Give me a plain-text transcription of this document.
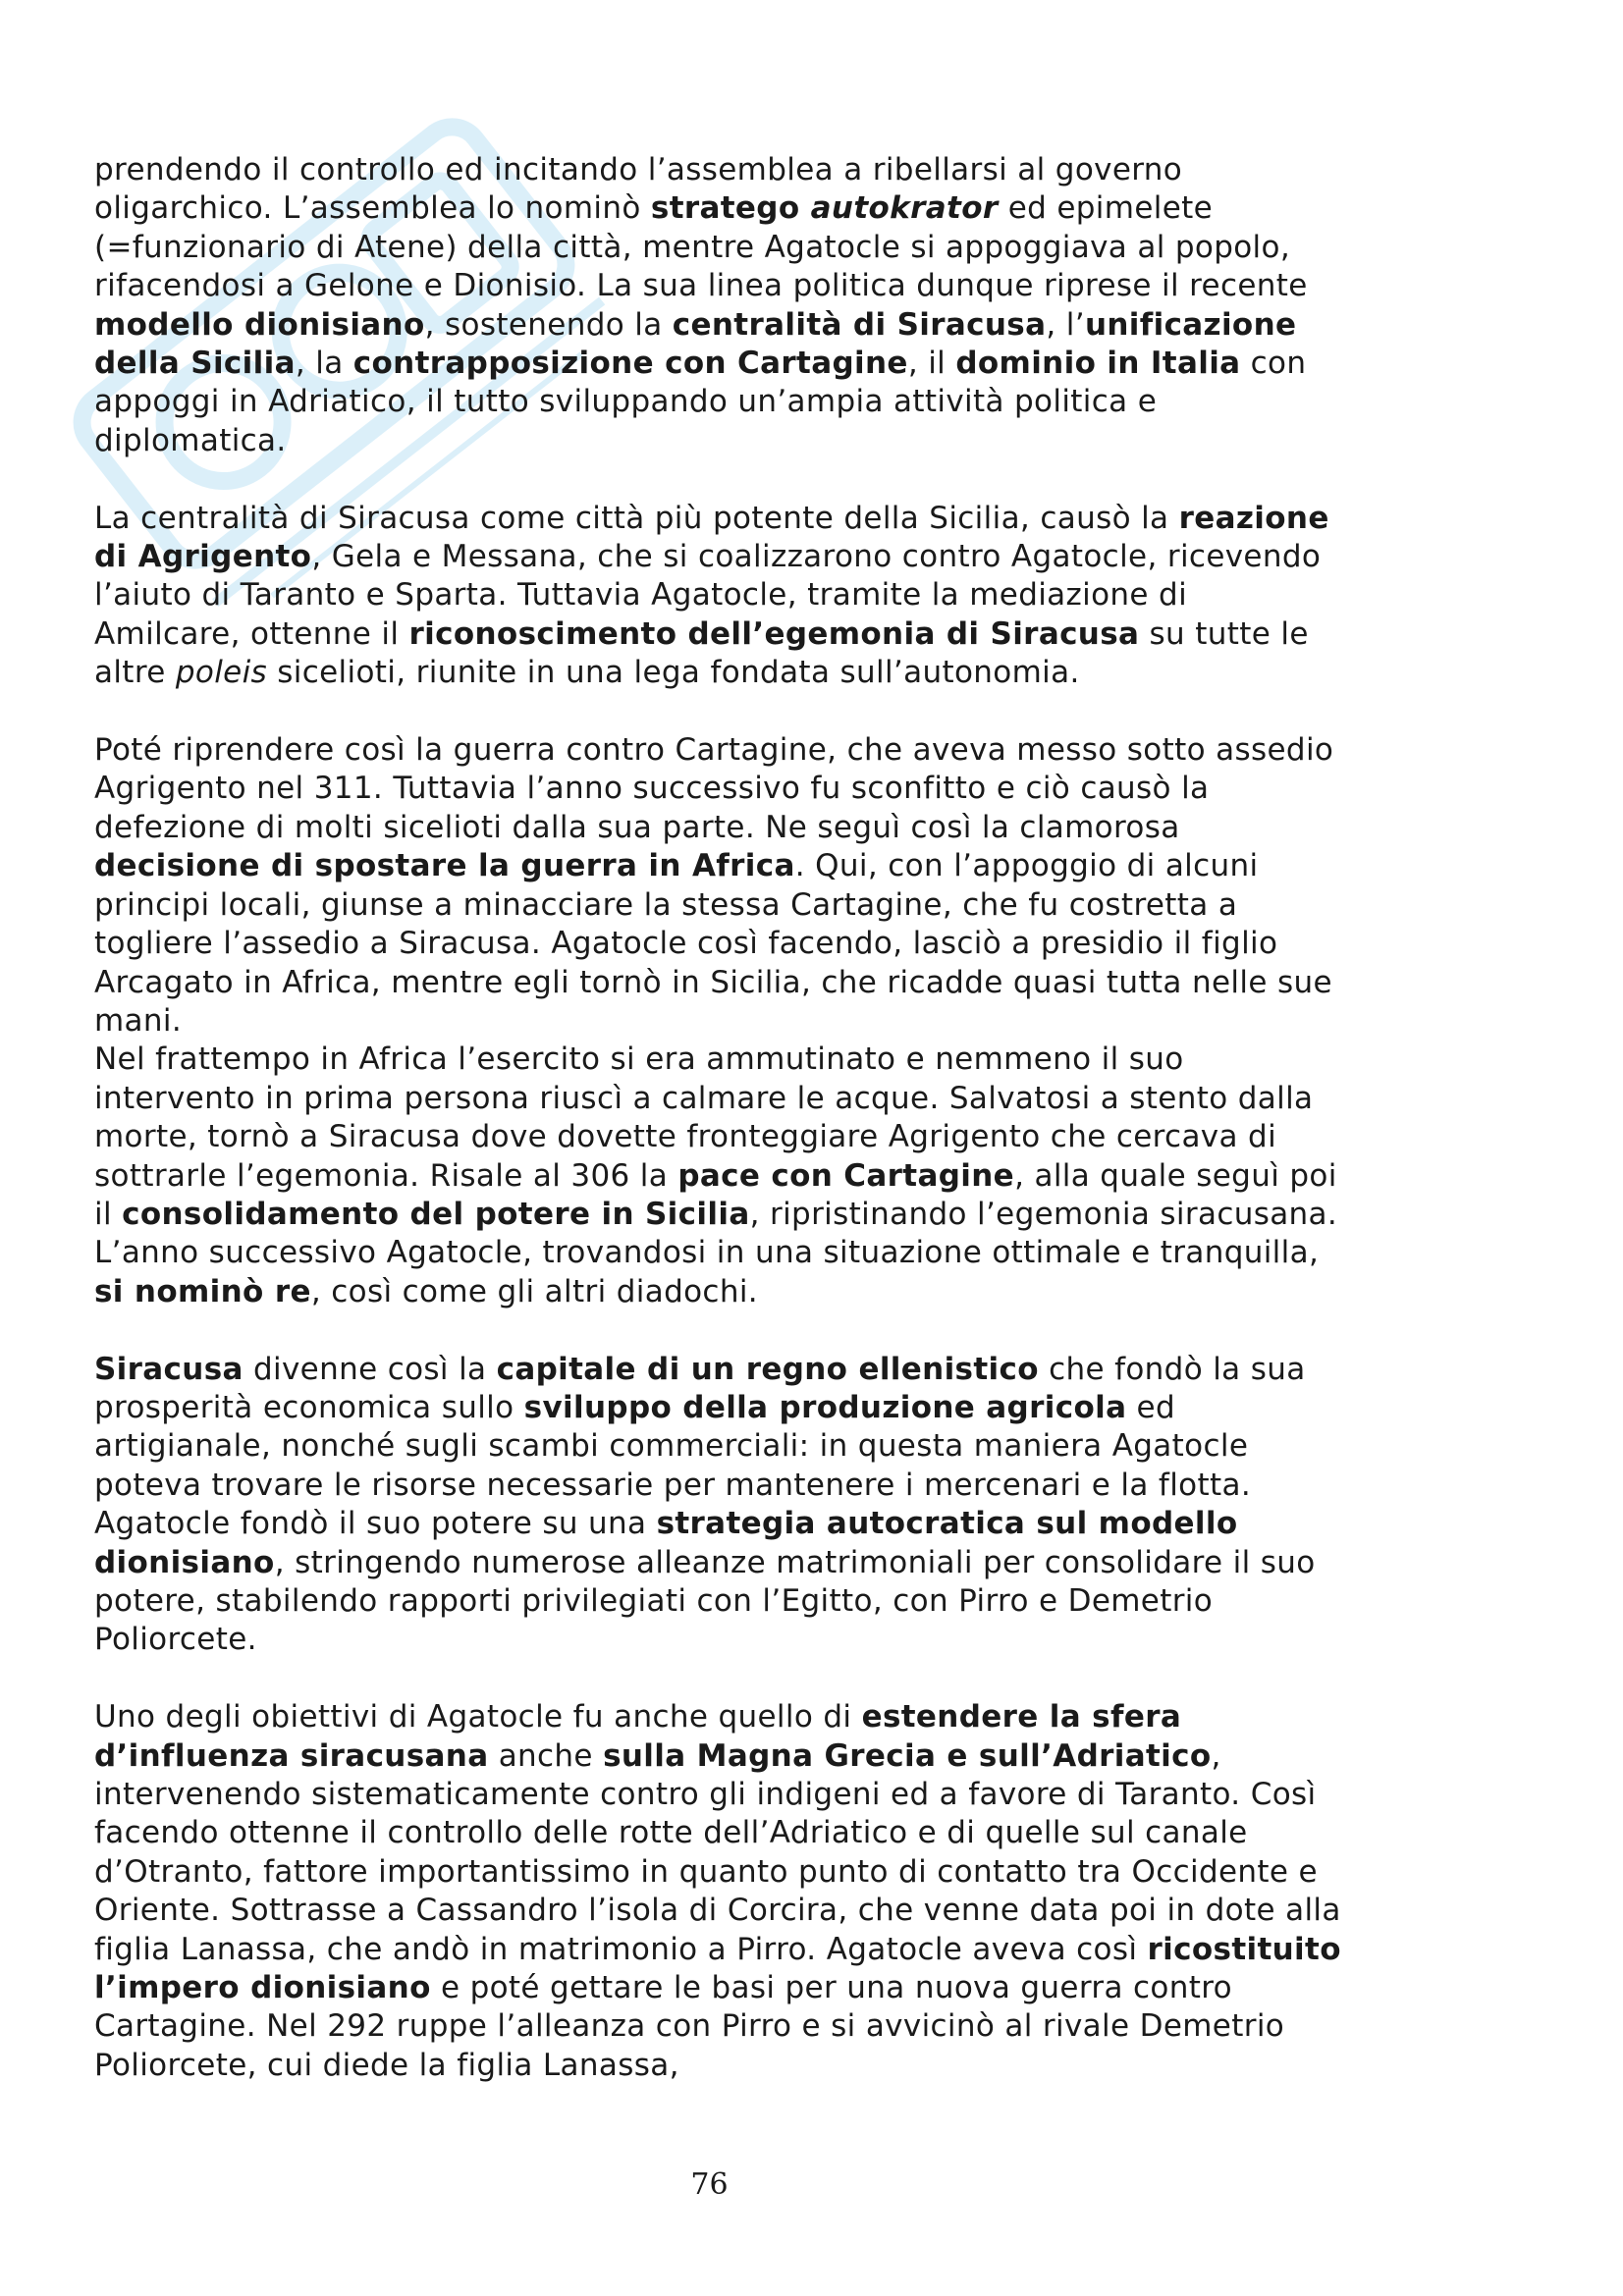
prendendo il controllo ed incitando l’assemblea a ribellarsi al governo oligarchico. L’assemblea lo nominò stratego autokrator ed epimelete (=funzionario di Atene) della città, mentre Agatocle si appoggiava al popolo, rifacendosi a Gelone e Dionisio. La sua linea politica dunque riprese il recente modello dionisiano, sostenendo la centralità di Siracusa, l’unificazione della Sicilia, la contrapposizione con Cartagine, il dominio in Italia con appoggi in Adriatico, il tutto sviluppando un’ampia attività politica e diplomatica.

La centralità di Siracusa come città più potente della Sicilia, causò la reazione di Agrigento, Gela e Messana, che si coalizzarono contro Agatocle, ricevendo l’aiuto di Taranto e Sparta. Tuttavia Agatocle, tramite la mediazione di Amilcare, ottenne il riconoscimento dell’egemonia di Siracusa su tutte le altre poleis sicelioti, riunite in una lega fondata sull’autonomia.

Poté riprendere così la guerra contro Cartagine, che aveva messo sotto assedio Agrigento nel 311. Tuttavia l’anno successivo fu sconfitto e ciò causò la defezione di molti sicelioti dalla sua parte. Ne seguì così la clamorosa decisione di spostare la guerra in Africa. Qui, con l’appoggio di alcuni principi locali, giunse a minacciare la stessa Cartagine, che fu costretta a togliere l’assedio a Siracusa. Agatocle così facendo, lasciò a presidio il figlio Arcagato in Africa, mentre egli tornò in Sicilia, che ricadde quasi tutta nelle sue mani.

Nel frattempo in Africa l’esercito si era ammutinato e nemmeno il suo intervento in prima persona riuscì a calmare le acque. Salvatosi a stento dalla morte, tornò a Siracusa dove dovette fronteggiare Agrigento che cercava di sottrarle l’egemonia. Risale al 306 la pace con Cartagine, alla quale seguì poi il consolidamento del potere in Sicilia, ripristinando l’egemonia siracusana. L’anno successivo Agatocle, trovandosi in una situazione ottimale e tranquilla, si nominò re, così come gli altri diadochi.

Siracusa divenne così la capitale di un regno ellenistico che fondò la sua prosperità economica sullo sviluppo della produzione agricola ed artigianale, nonché sugli scambi commerciali: in questa maniera Agatocle poteva trovare le risorse necessarie per mantenere i mercenari e la flotta. Agatocle fondò il suo potere su una strategia autocratica sul modello dionisiano, stringendo numerose alleanze matrimoniali per consolidare il suo potere, stabilendo rapporti privilegiati con l’Egitto, con Pirro e Demetrio Poliorcete.

Uno degli obiettivi di Agatocle fu anche quello di estendere la sfera d’influenza siracusana anche sulla Magna Grecia e sull’Adriatico, intervenendo sistematicamente contro gli indigeni ed a favore di Taranto. Così facendo ottenne il controllo delle rotte dell’Adriatico e di quelle sul canale d’Otranto, fattore importantissimo in quanto punto di contatto tra Occidente e Oriente. Sottrasse a Cassandro l’isola di Corcira, che venne data poi in dote alla figlia Lanassa, che andò in matrimonio a Pirro. Agatocle aveva così ricostituito l’impero dionisiano e poté gettare le basi per una nuova guerra contro Cartagine. Nel 292 ruppe l’alleanza con Pirro e si avvicinò al rivale Demetrio Poliorcete, cui diede la figlia Lanassa,

76
